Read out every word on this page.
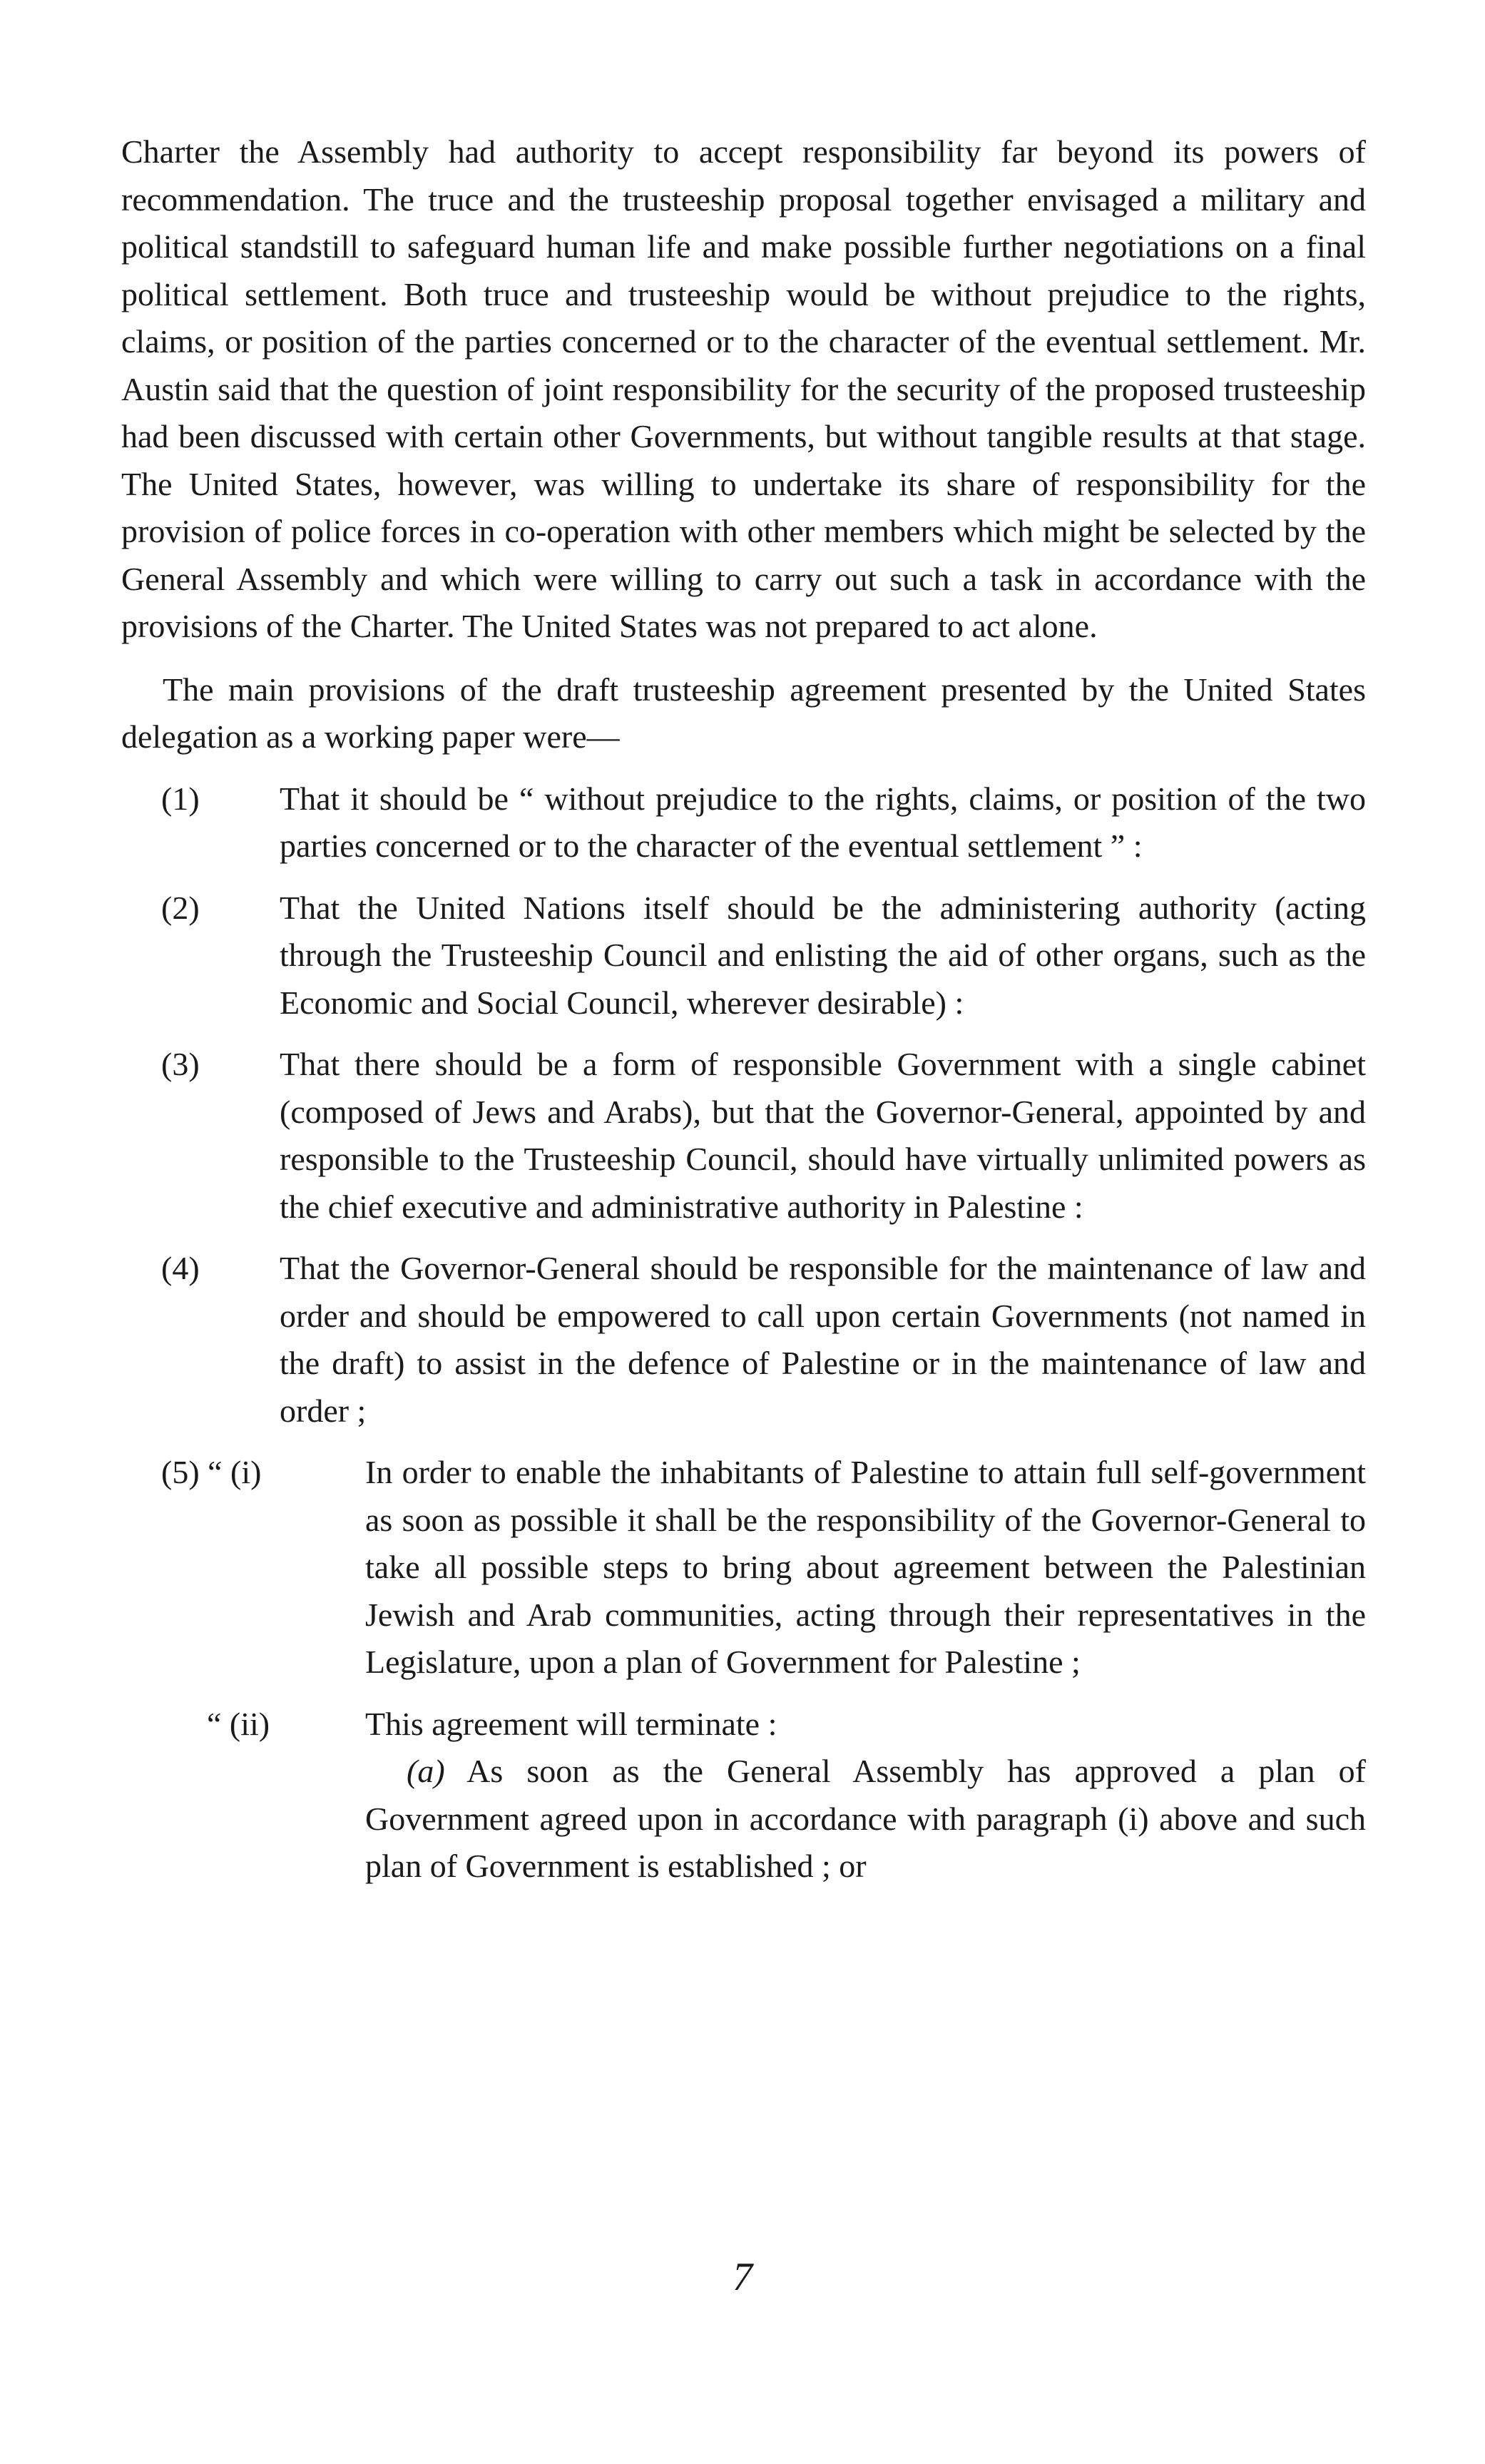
Charter the Assembly had authority to accept responsibility far beyond its powers of recommendation. The truce and the trusteeship proposal together envisaged a military and political standstill to safeguard human life and make possible further negotiations on a final political settlement. Both truce and trusteeship would be without prejudice to the rights, claims, or position of the parties concerned or to the character of the eventual settlement. Mr. Austin said that the question of joint responsibility for the security of the proposed trusteeship had been discussed with certain other Governments, but without tangible results at that stage. The United States, however, was willing to undertake its share of responsibility for the provision of police forces in co-operation with other members which might be selected by the General Assembly and which were willing to carry out such a task in accordance with the provisions of the Charter. The United States was not prepared to act alone.

The main provisions of the draft trusteeship agreement presented by the United States delegation as a working paper were—

(1)	That it should be “ without prejudice to the rights, claims, or position of the two parties concerned or to the character of the eventual settlement ” :
(2)	That the United Nations itself should be the administering authority (acting through the Trusteeship Council and enlisting the aid of other organs, such as the Economic and Social Council, wherever desirable) :
(3)	That there should be a form of responsible Government with a single cabinet (composed of Jews and Arabs), but that the Governor-General, appointed by and responsible to the Trusteeship Council, should have virtually unlimited powers as the chief executive and administrative authority in Palestine :
(4)	That the Governor-General should be responsible for the maintenance of law and order and should be empowered to call upon certain Governments (not named in the draft) to assist in the defence of Palestine or in the maintenance of law and order ;
(5) “ (i)	In order to enable the inhabitants of Palestine to attain full self-government as soon as possible it shall be the responsibility of the Governor-General to take all possible steps to bring about agreement between the Palestinian Jewish and Arab communities, acting through their representatives in the Legislature, upon a plan of Government for Palestine ;
“ (ii)	This agreement will terminate :

(a) As soon as the General Assembly has approved a plan of Government agreed upon in accordance with paragraph (i) above and such plan of Government is established ; or

7
